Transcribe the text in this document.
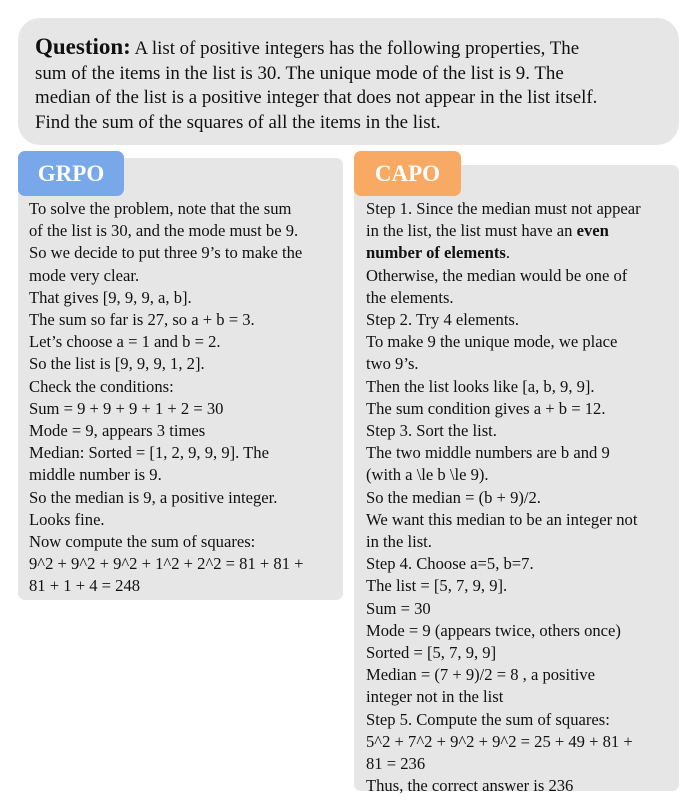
Question: A list of positive integers has the following properties, The
sum of the items in the list is 30. The unique mode of the list is 9. The
median of the list is a positive integer that does not appear in the list itself.
Find the sum of the squares of all the items in the list.
To solve the problem, note that the sum
of the list is 30, and the mode must be 9.
So we decide to put three 9’s to make the
mode very clear.
That gives [9, 9, 9, a, b].
The sum so far is 27, so a + b = 3.
Let’s choose a = 1 and b = 2.
So the list is [9, 9, 9, 1, 2].
Check the conditions:
Sum = 9 + 9 + 9 + 1 + 2 = 30
Mode = 9, appears 3 times
Median: Sorted = [1, 2, 9, 9, 9]. The
middle number is 9.
So the median is 9, a positive integer.
Looks fine.
Now compute the sum of squares:
9^2 + 9^2 + 9^2 + 1^2 + 2^2 = 81 + 81 +
81 + 1 + 4 = 248
Step 1. Since the median must not appear
in the list, the list must have an even
number of elements.
Otherwise, the median would be one of
the elements.
Step 2. Try 4 elements.
To make 9 the unique mode, we place
two 9’s.
Then the list looks like [a, b, 9, 9].
The sum condition gives a + b = 12.
Step 3. Sort the list.
The two middle numbers are b and 9
(with a \le b \le 9).
So the median = (b + 9)/2.
We want this median to be an integer not
in the list.
Step 4. Choose a=5, b=7.
The list = [5, 7, 9, 9].
Sum = 30
Mode = 9 (appears twice, others once)
Sorted = [5, 7, 9, 9]
Median = (7 + 9)/2 = 8 , a positive
integer not in the list
Step 5. Compute the sum of squares:
5^2 + 7^2 + 9^2 + 9^2 = 25 + 49 + 81 +
81 = 236
Thus, the correct answer is 236
GRPO	CAPO
